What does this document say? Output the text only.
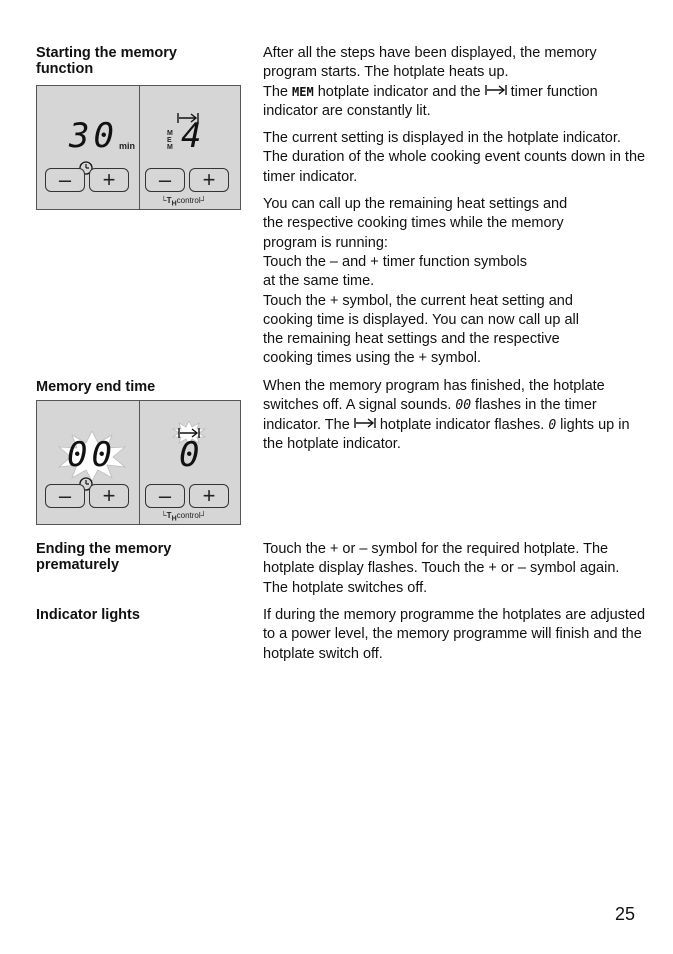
Starting the memory function
30 min
MEM 4
–	+	–	+
$└T_Hcontrol┘$

After all the steps have been displayed, the memory program starts. The hotplate heats up.

The MEM hotplate indicator and the  timer function indicator are constantly lit.

The current setting is displayed in the hotplate indicator. The duration of the whole cooking event counts down in the timer indicator.

You can call up the remaining heat settings and
the respective cooking times while the memory
program is running:
Touch the – and + timer function symbols
at the same time.
Touch the + symbol, the current heat setting and
cooking time is displayed. You can now call up all
the remaining heat settings and the respective
cooking times using the + symbol.
Memory end time
00 0
–	+	–	+
$└T_Hcontrol┘$

When the memory program has finished, the hotplate switches off. A signal sounds. 00 flashes in the timer indicator. The  hotplate indicator flashes. 0 lights up in the hotplate indicator.

Ending the memory prematurely

Touch the + or – symbol for the required hotplate. The hotplate display flashes. Touch the + or – symbol again. The hotplate switches off.

Indicator lights	If during the memory programme the hotplates are adjusted to a power level, the memory programme will finish and the hotplate switch off.

25
